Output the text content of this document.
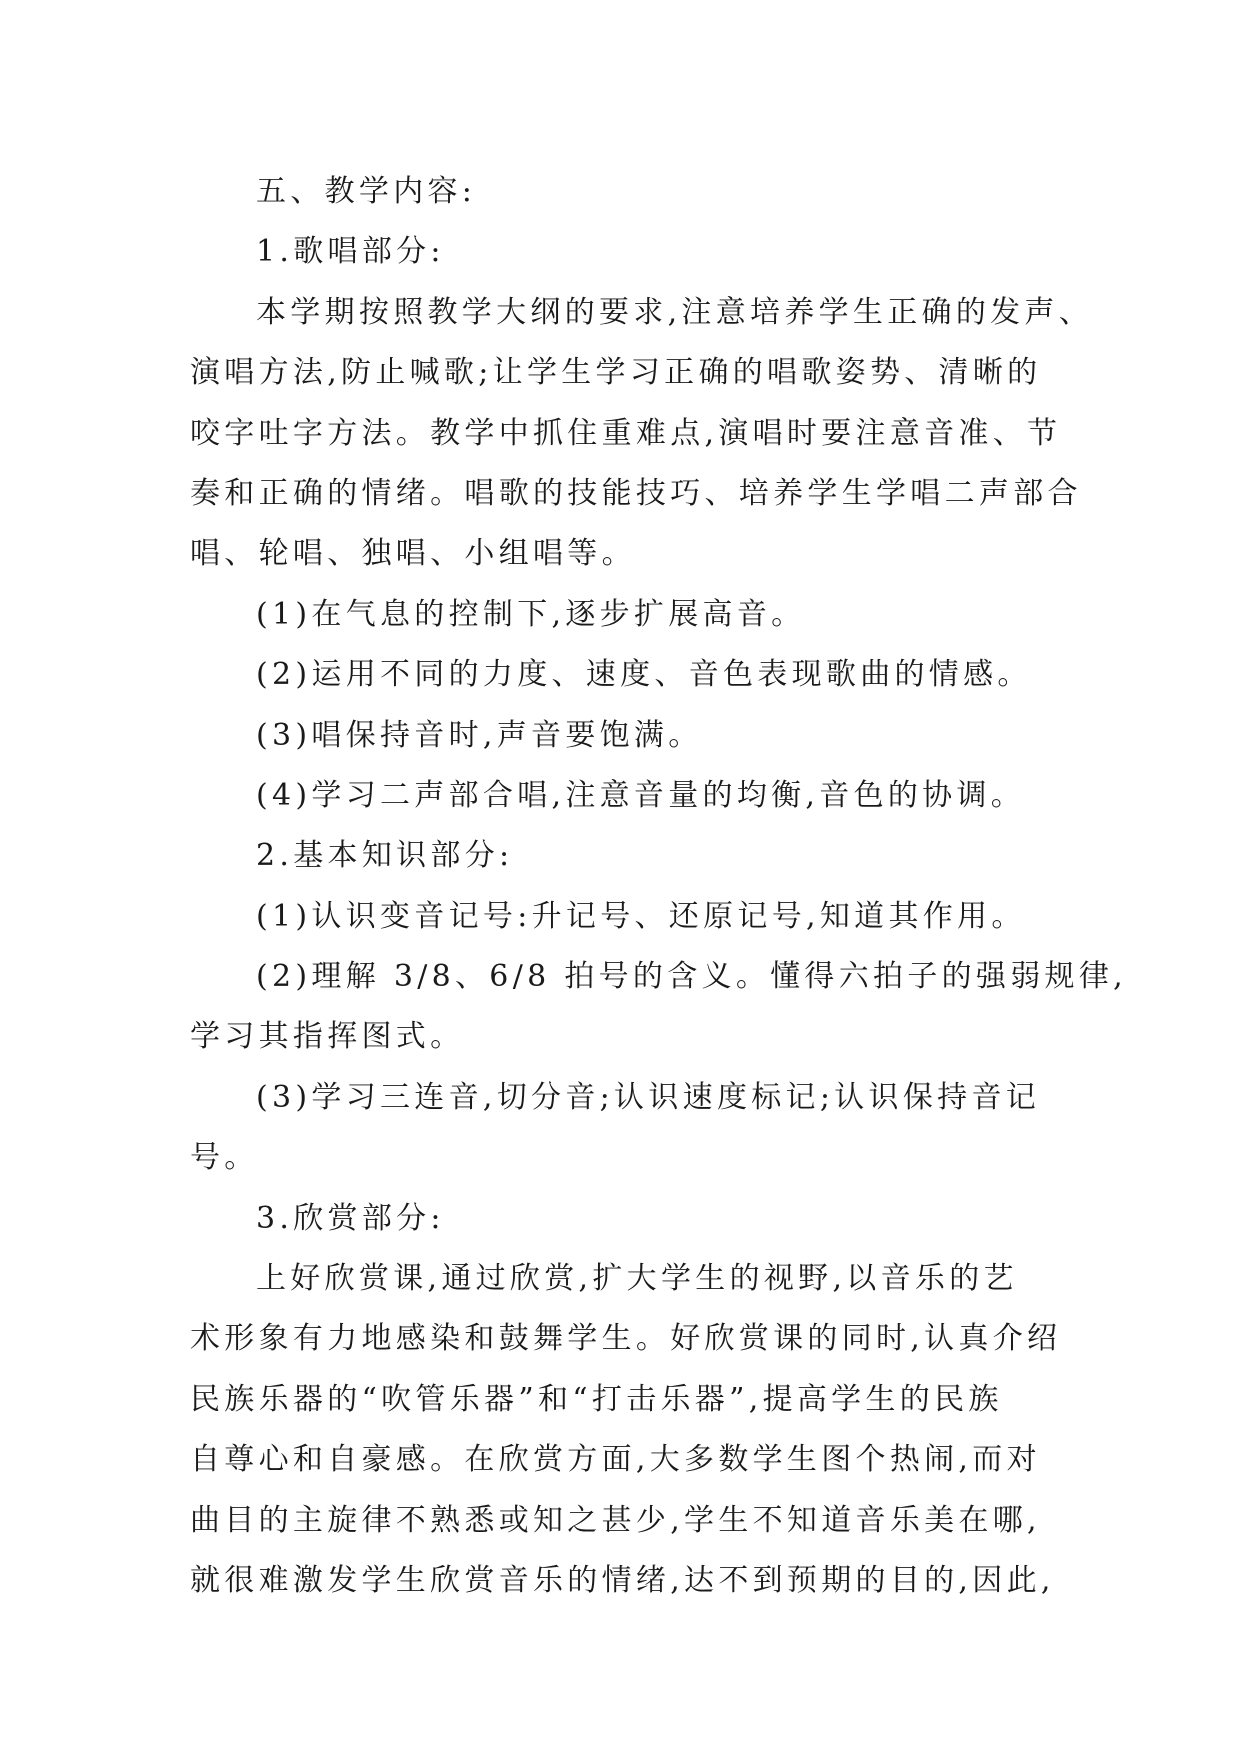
五、教学内容:
1.歌唱部分:
本学期按照教学大纲的要求,注意培养学生正确的发声、
演唱方法,防止喊歌;让学生学习正确的唱歌姿势、清晰的
咬字吐字方法。教学中抓住重难点,演唱时要注意音准、节
奏和正确的情绪。唱歌的技能技巧、培养学生学唱二声部合
唱、轮唱、独唱、小组唱等。
(1)在气息的控制下,逐步扩展高音。
(2)运用不同的力度、速度、音色表现歌曲的情感。
(3)唱保持音时,声音要饱满。
(4)学习二声部合唱,注意音量的均衡,音色的协调。
2.基本知识部分:
(1)认识变音记号:升记号、还原记号,知道其作用。
(2)理解 3/8、6/8 拍号的含义。懂得六拍子的强弱规律,
学习其指挥图式。
(3)学习三连音,切分音;认识速度标记;认识保持音记
号。
3.欣赏部分:
上好欣赏课,通过欣赏,扩大学生的视野,以音乐的艺
术形象有力地感染和鼓舞学生。好欣赏课的同时,认真介绍
民族乐器的“吹管乐器”和“打击乐器”,提高学生的民族
自尊心和自豪感。在欣赏方面,大多数学生图个热闹,而对
曲目的主旋律不熟悉或知之甚少,学生不知道音乐美在哪,
就很难激发学生欣赏音乐的情绪,达不到预期的目的,因此,
